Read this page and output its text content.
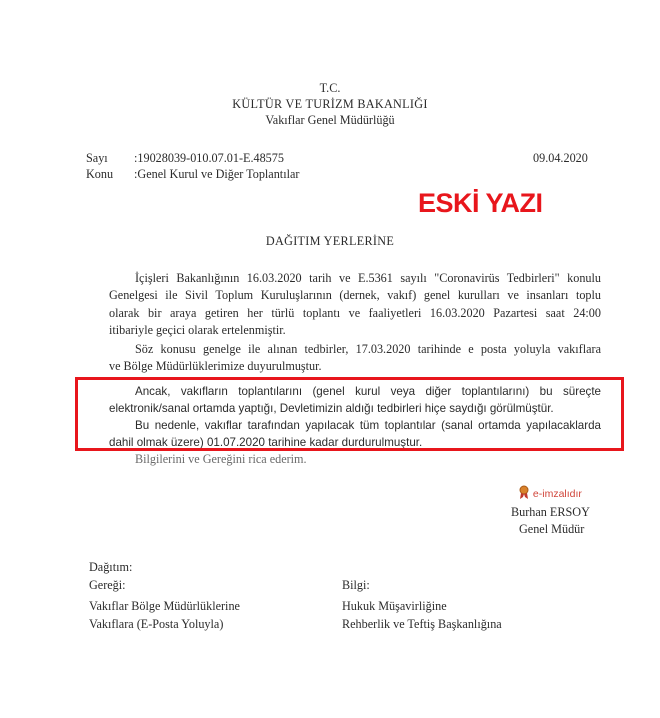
T.C.
KÜLTÜR VE TURİZM BAKANLIĞI
Vakıflar Genel Müdürlüğü
Sayı :19028039-010.07.01-E.48575
Konu :Genel Kurul ve Diğer Toplantılar
09.04.2020
ESKİ YAZI
DAĞITIM YERLERİNE
İçişleri Bakanlığının 16.03.2020 tarih ve E.5361 sayılı "Coronavirüs Tedbirleri" konulu
Genelgesi ile Sivil Toplum Kuruluşlarının (dernek, vakıf) genel kurulları ve insanları toplu
olarak bir araya getiren her türlü toplantı ve faaliyetleri 16.03.2020 Pazartesi saat 24:00
itibariyle geçici olarak ertelenmiştir.
Söz konusu genelge ile alınan tedbirler, 17.03.2020 tarihinde e posta yoluyla vakıflara
ve Bölge Müdürlüklerimize duyurulmuştur.
Ancak, vakıfların toplantılarını (genel kurul veya diğer toplantılarını) bu süreçte
elektronik/sanal ortamda yaptığı, Devletimizin aldığı tedbirleri hiçe saydığı görülmüştür.
Bu nedenle, vakıflar tarafından yapılacak tüm toplantılar (sanal ortamda yapılacaklarda
dahil olmak üzere) 01.07.2020 tarihine kadar durdurulmuştur.
Bilgilerini ve Gereğini rica ederim.
e-imzalıdır
Burhan ERSOY
Genel Müdür
Dağıtım:
Gereği:
Vakıflar Bölge Müdürlüklerine
Vakıflara (E-Posta Yoluyla)
Bilgi:
Hukuk Müşavirliğine
Rehberlik ve Teftiş Başkanlığına
